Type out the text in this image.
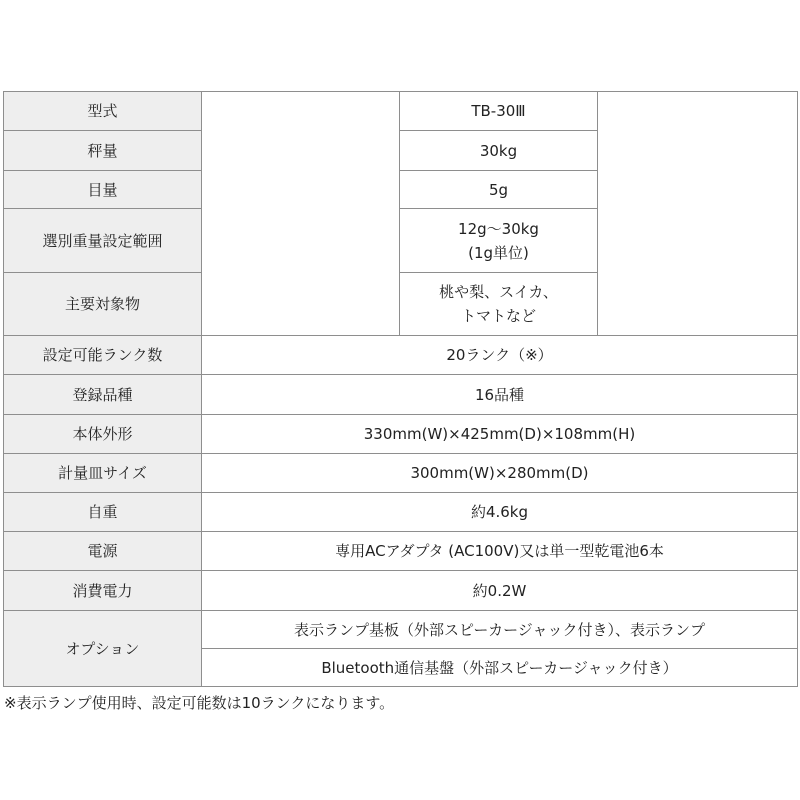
型式		TB-30Ⅲ	
秤量		30kg	
目量		5g	
選別重量設定範囲		12g～30kg
(1g単位)	

主要対象物		桃や梨、スイカ、
トマトなど	

設定可能ランク数	20ランク（※）		
登録品種	16品種		
本体外形	330mm(W)×425mm(D)×108mm(H)		
計量皿サイズ	300mm(W)×280mm(D)		
自重	約4.6kg		
電源	専用ACアダプタ (AC100V)又は単一型乾電池6本		
消費電力	約0.2W		
オプション	表示ランプ基板（外部スピーカージャック付き）、表示ランプ		
	Bluetooth通信基盤（外部スピーカージャック付き）		
※表示ランプ使用時、設定可能数は10ランクになります。
